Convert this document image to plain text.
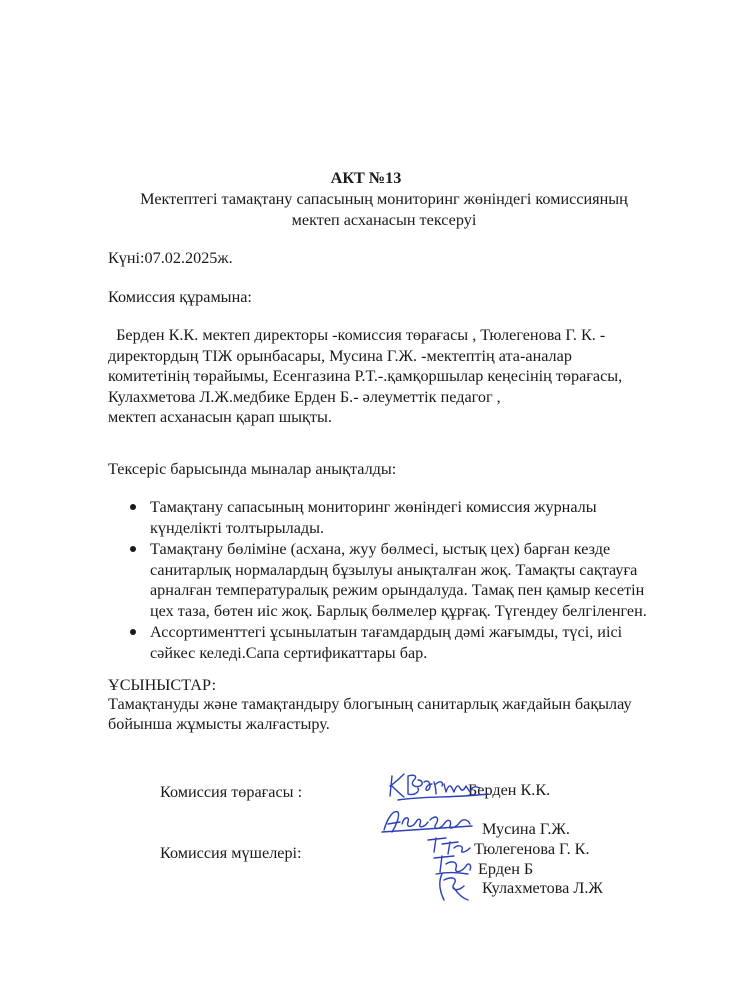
АКТ №13
Мектептегі тамақтану сапасының мониторинг жөніндегі комиссияның
мектеп асханасын тексеруі
Күні:07.02.2025ж.
Комиссия құрамына:
Берден К.К. мектеп директоры -комиссия төрағасы , Тюлегенова Г. К. -
директордың ТІЖ орынбасары, Мусина Г.Ж. -мектептің ата-аналар
комитетінің төрайымы, Есенгазина Р.Т.-.қамқоршылар кеңесінің төрағасы,
Кулахметова Л.Ж.медбике Ерден Б.- әлеуметтік педагог ,
мектеп асханасын қарап шықты.
Тексеріс барысында мыналар анықталды:
Тамақтану сапасының мониторинг жөніндегі комиссия журналы
күнделікті толтырылады.
Тамақтану бөліміне (асхана, жуу бөлмесі, ыстық цех) барған кезде
санитарлық нормалардың бұзылуы анықталған жоқ. Тамақты сақтауға
арналған температуралық режим орындалуда. Тамақ пен қамыр кесетін
цех таза, бөтен иіс жоқ. Барлық бөлмелер құрғақ. Түгендеу белгіленген.
Ассортименттегі ұсынылатын тағамдардың дәмі жағымды, түсі, иісі
сәйкес келеді.Сапа сертификаттары бар.
ҰСЫНЫСТАР:
Тамақтануды және тамақтандыру блогының санитарлық жағдайын бақылау
бойынша жұмысты жалғастыру.
Комиссия төрағасы :	Берден К.К.
Комиссия мүшелері:
Мусина Г.Ж.
Тюлегенова Г. К.
Ерден Б
Кулахметова Л.Ж
